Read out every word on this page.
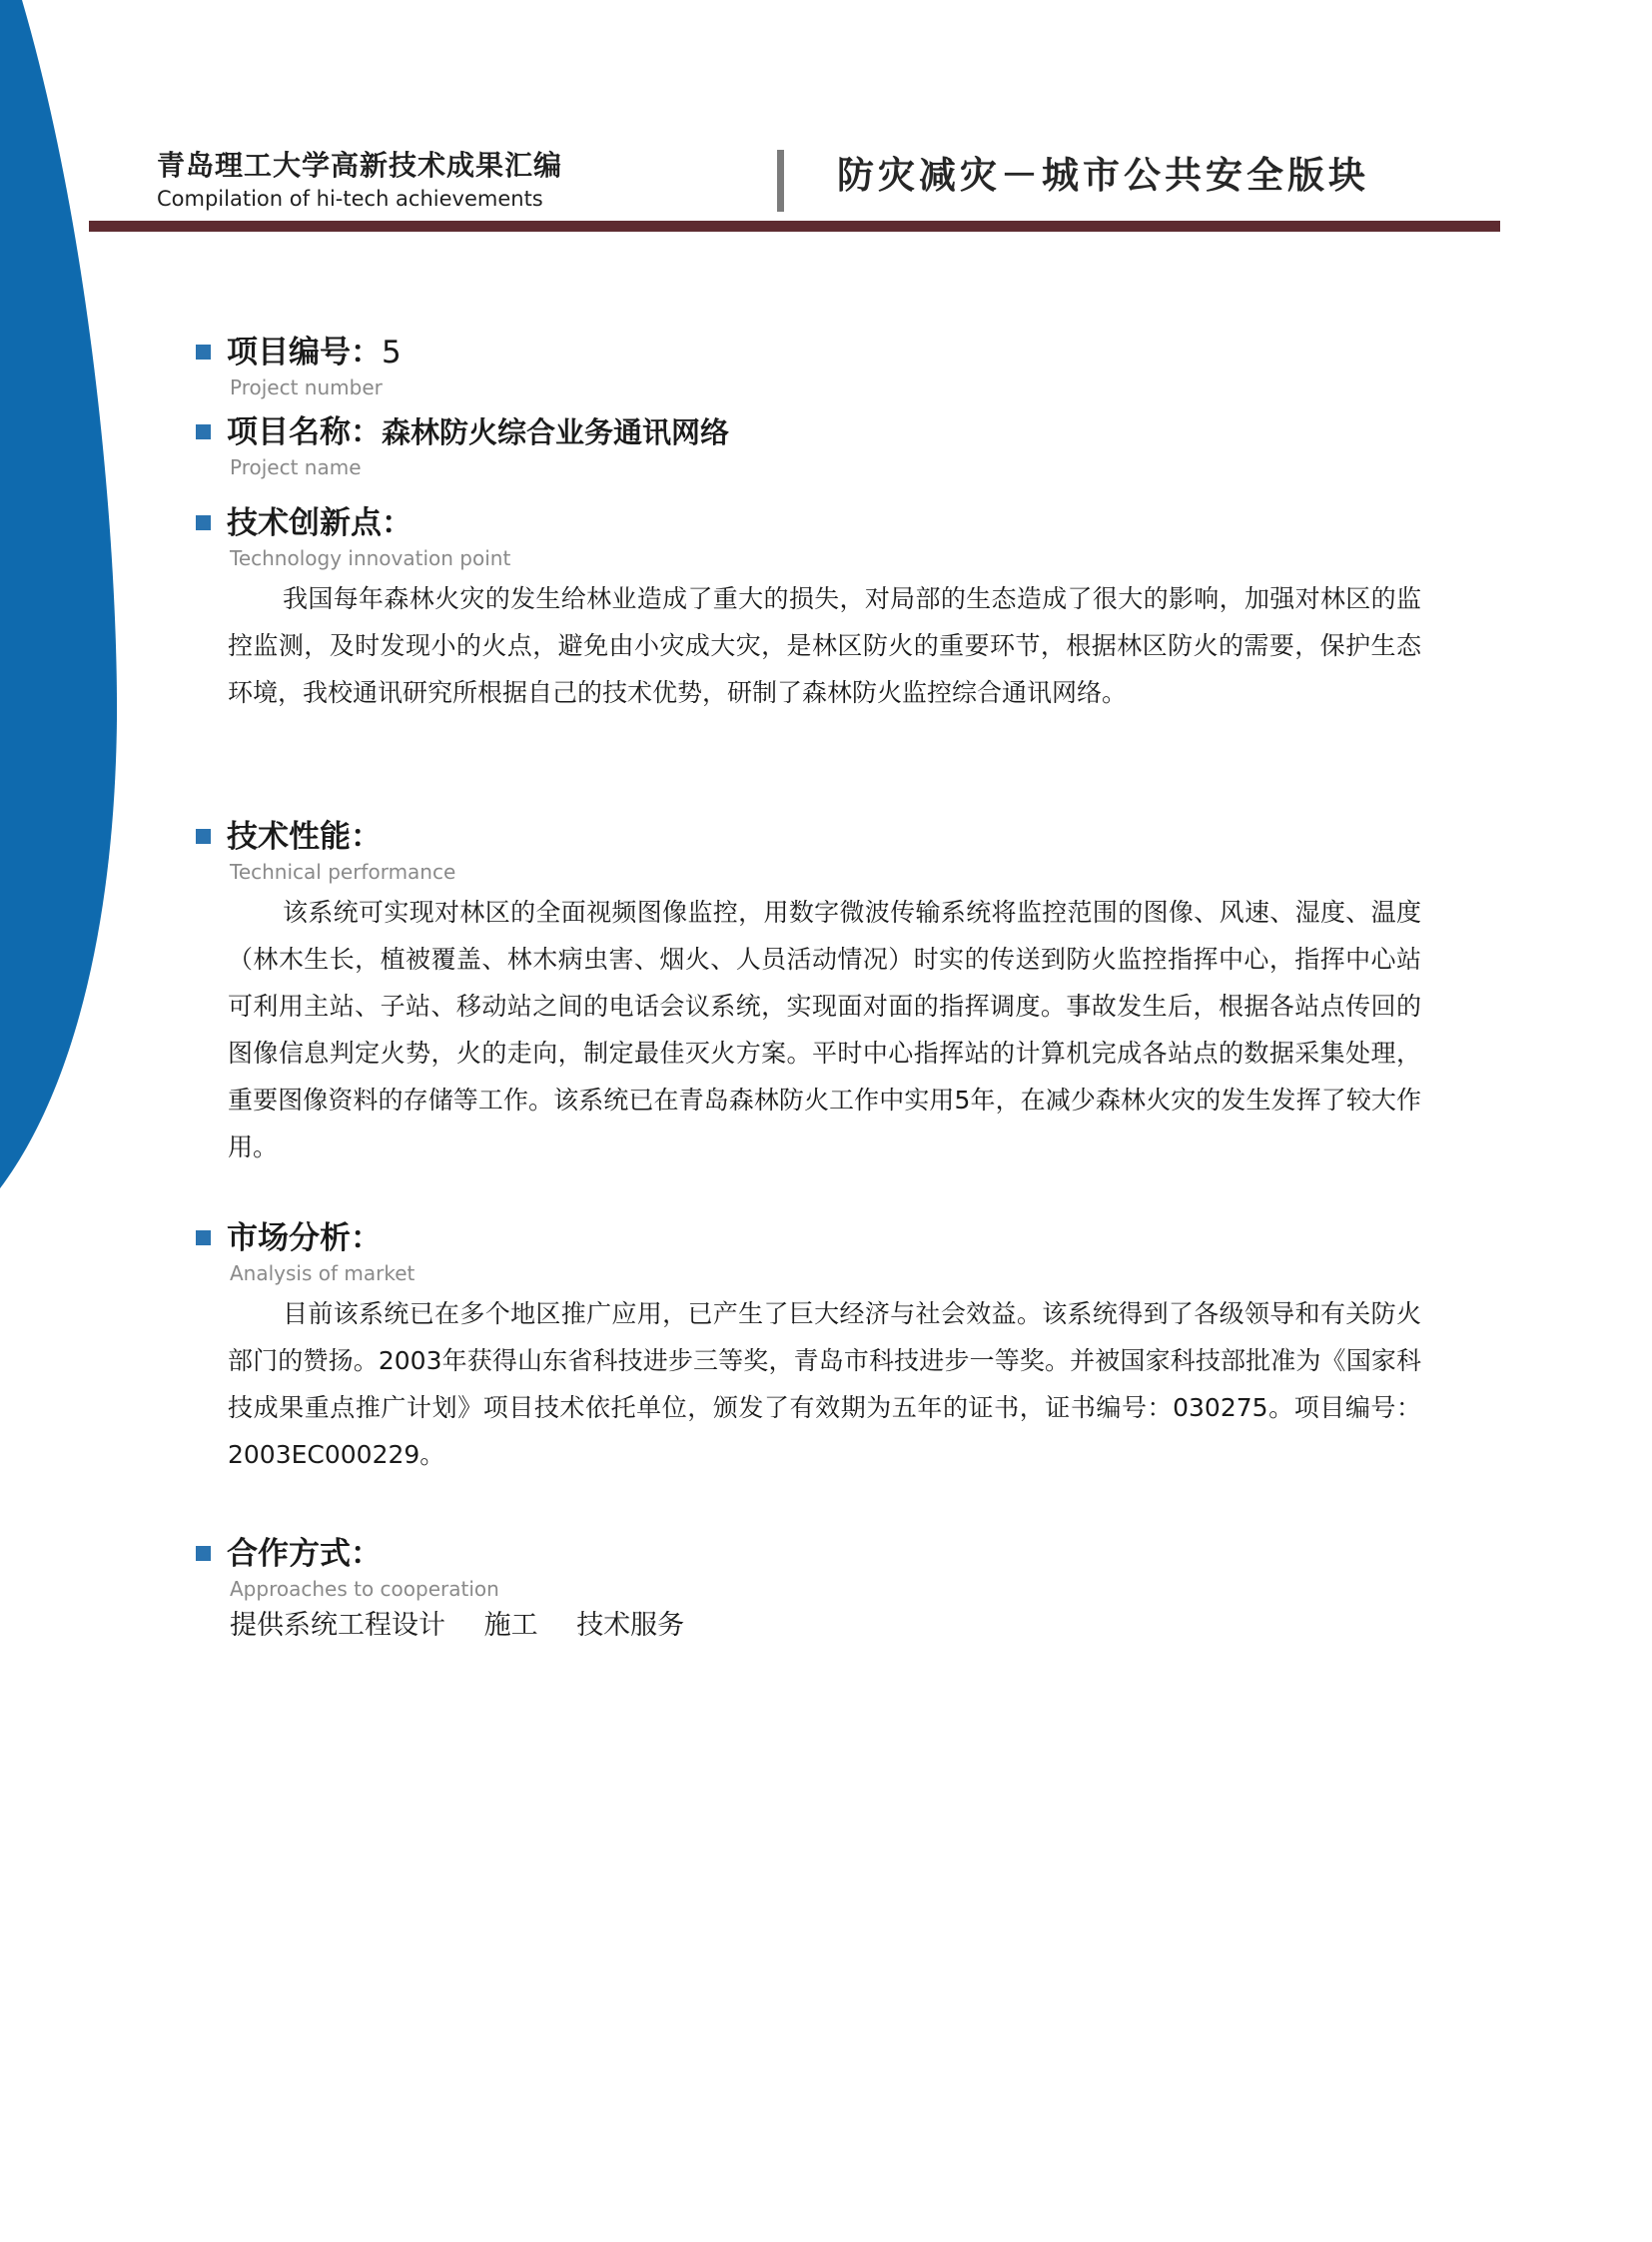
青岛理工大学高新技术成果汇编
Compilation of hi-tech achievements
防灾减灾－城市公共安全版块
项目编号：5
Project number
项目名称：森林防火综合业务通讯网络
Project name
技术创新点：
Technology innovation point
我国每年森林火灾的发生给林业造成了重大的损失，对局部的生态造成了很大的影响，加强对林区的监控监测，及时发现小的火点，避免由小灾成大灾，是林区防火的重要环节，根据林区防火的需要，保护生态环境，我校通讯研究所根据自己的技术优势，研制了森林防火监控综合通讯网络。
技术性能：
Technical performance
该系统可实现对林区的全面视频图像监控，用数字微波传输系统将监控范围的图像、风速、湿度、温度（林木生长，植被覆盖、林木病虫害、烟火、人员活动情况）时实的传送到防火监控指挥中心，指挥中心站可利用主站、子站、移动站之间的电话会议系统，实现面对面的指挥调度。事故发生后，根据各站点传回的图像信息判定火势，火的走向，制定最佳灭火方案。平时中心指挥站的计算机完成各站点的数据采集处理，重要图像资料的存储等工作。该系统已在青岛森林防火工作中实用5年，在减少森林火灾的发生发挥了较大作用。
市场分析：
Analysis of market
目前该系统已在多个地区推广应用，已产生了巨大经济与社会效益。该系统得到了各级领导和有关防火部门的赞扬。2003年获得山东省科技进步三等奖，青岛市科技进步一等奖。并被国家科技部批准为《国家科技成果重点推广计划》项目技术依托单位，颁发了有效期为五年的证书，证书编号：030275。项目编号：2003EC000229。
合作方式：
Approaches to cooperation
提供系统工程设计 施工 技术服务
